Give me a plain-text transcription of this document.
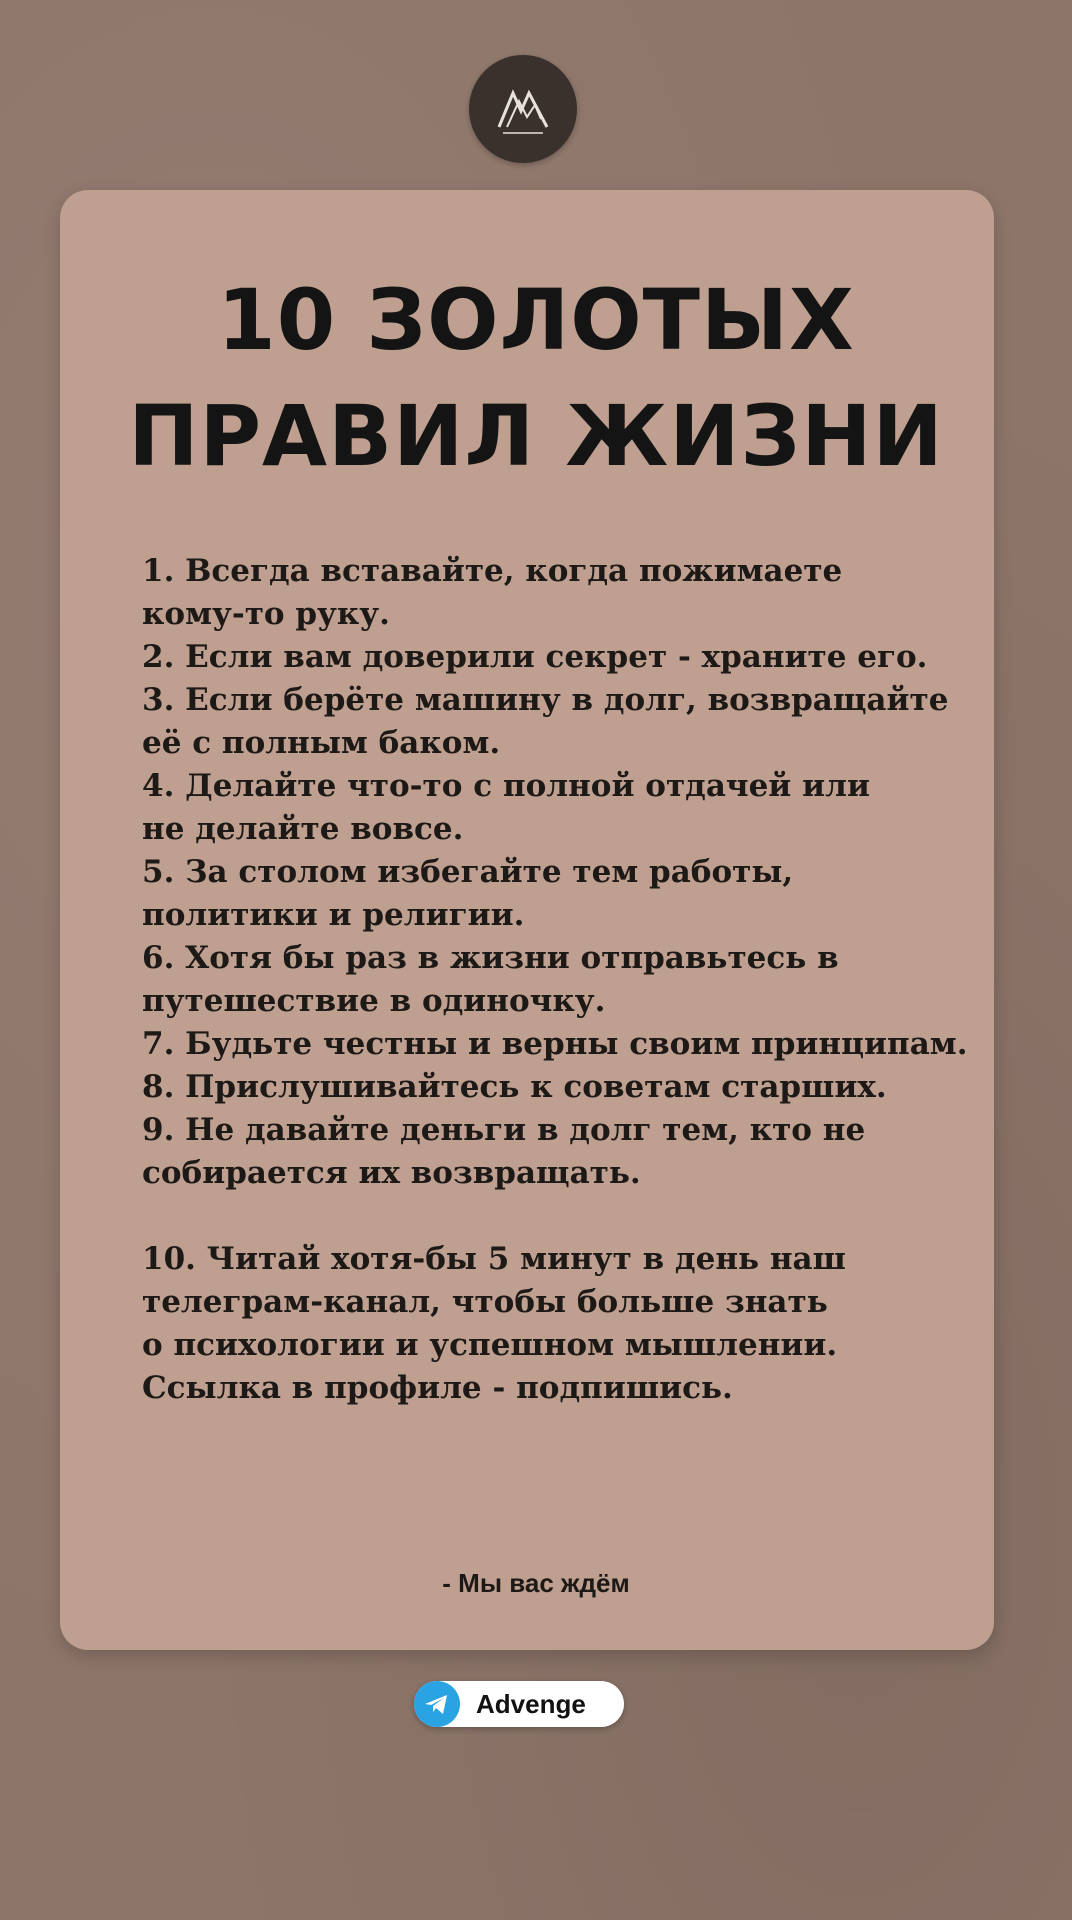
10 ЗОЛОТЫХ
ПРАВИЛ ЖИЗНИ
1. Всегда вставайте, когда пожимаете
кому-то руку.
2. Если вам доверили секрет - храните его.
3. Если берёте машину в долг, возвращайте
её с полным баком.
4. Делайте что-то с полной отдачей или
не делайте вовсе.
5. За столом избегайте тем работы,
политики и религии.
6. Хотя бы раз в жизни отправьтесь в
путешествие в одиночку.
7. Будьте честны и верны своим принципам.
8. Прислушивайтесь к советам старших.
9. Не давайте деньги в долг тем, кто не
собирается их возвращать.
10. Читай хотя-бы 5 минут в день наш
телеграм-канал, чтобы больше знать
о психологии и успешном мышлении.
Ссылка в профиле - подпишись.
- Мы вас ждём
Advenge
